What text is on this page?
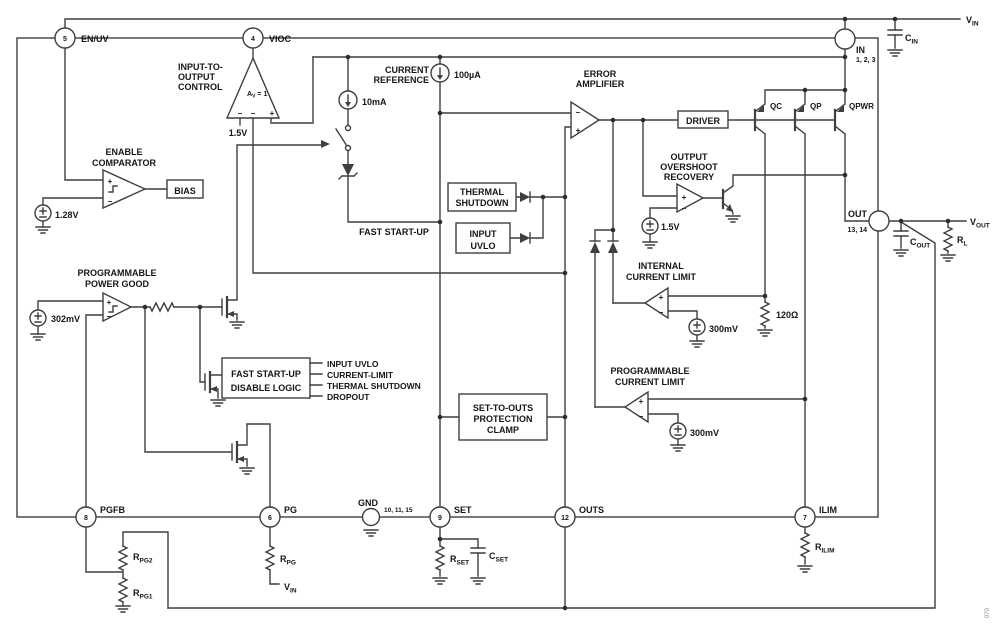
5 EN/UV	4 VIOC
IN
1, 2, 3
OUT
13, 14
8
PGFB
6
PG
GND
10, 11, 15
9
SET
12
OUTS
7
ILIM
INPUT-TO-
OUTPUT
CONTROL
AV = 1
− − +
1.5V
ENABLE
COMPARATOR
+
−
1.28V
BIAS
CURRENT
REFERENCE	100µA
10mA
FAST START-UP
ERROR
AMPLIFIER
−
+
THERMAL
SHUTDOWN
INPUT
UVLO
DRIVER
QC	QP	QPWR
OUTPUT
OVERSHOOT
RECOVERY
+
−
1.5V
INTERNAL
CURRENT LIMIT
+
−
300mV
120Ω
PROGRAMMABLE
CURRENT LIMIT
+
−
300mV
SET-TO-OUTS
PROTECTION
CLAMP
PROGRAMMABLE
POWER GOOD
+
−
302mV
FAST START-UP
DISABLE LOGIC
INPUT UVLO
CURRENT-LIMIT
THERMAL SHUTDOWN
DROPOUT
$V_{IN}$
$C_{IN}$
$V_{OUT}$
$C_{OUT}$
$R_L$
$R_{PG2}$
$R_{PG1}$
$R_{PG}$
$V_{IN}$
$R_{SET}$
$C_{SET}$
$R_{ILIM}$
070
